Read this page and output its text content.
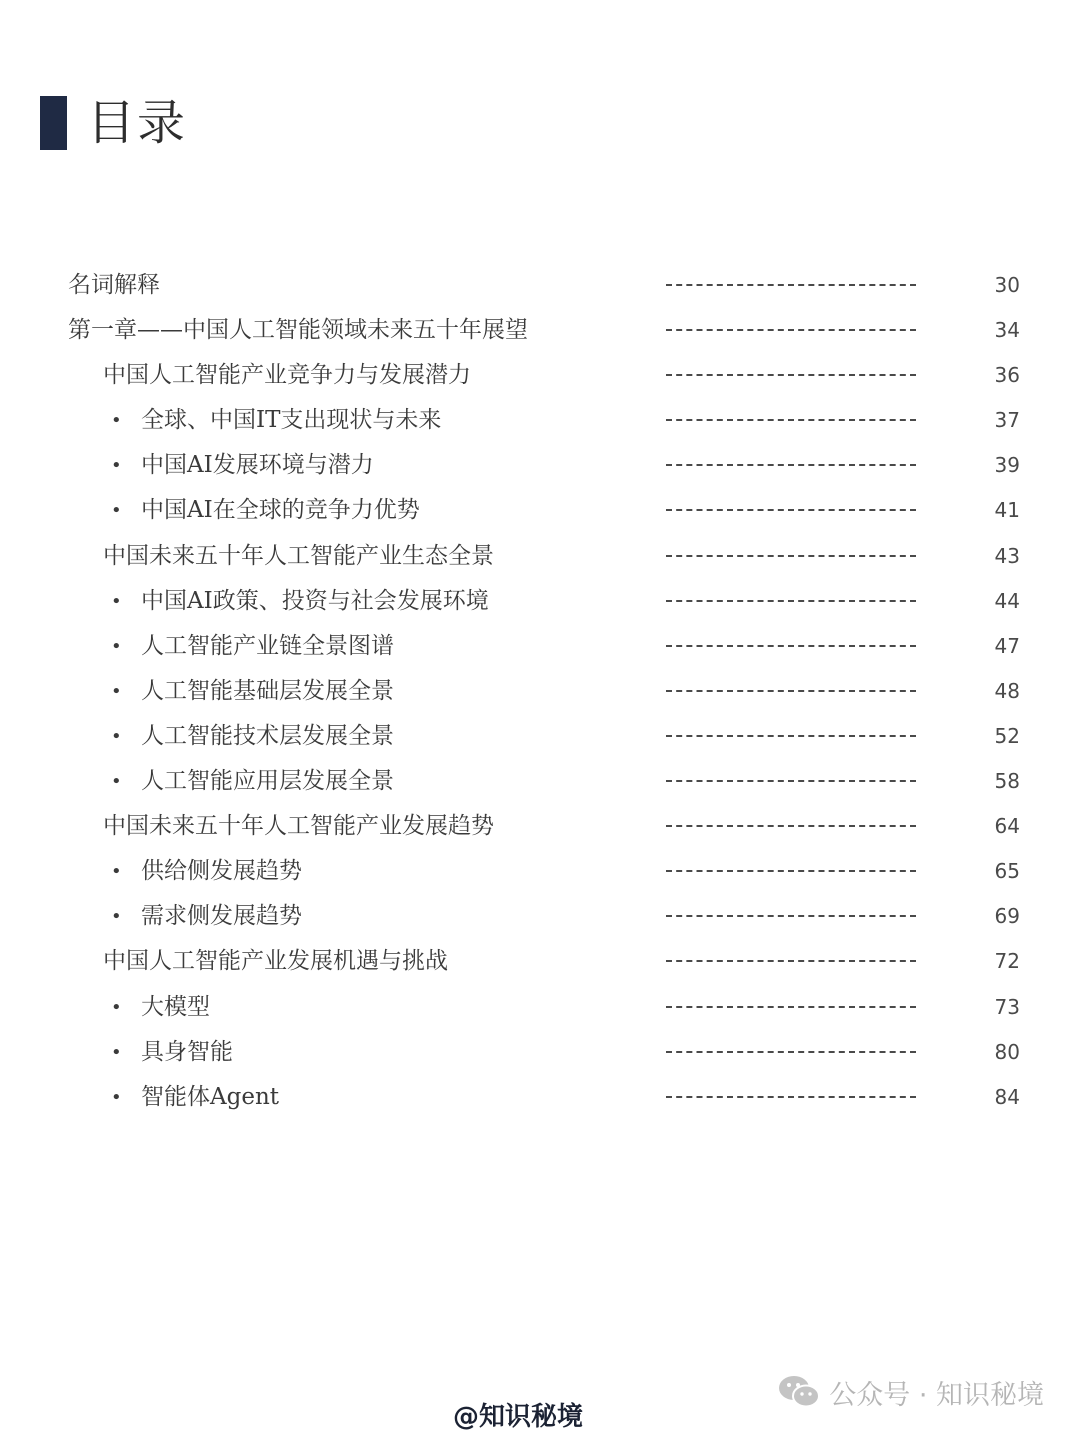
目录
名词解释	30
第一章——中国人工智能领域未来五十年展望	34
中国人工智能产业竞争力与发展潜力	36
• 全球、中国IT支出现状与未来	37
• 中国AI发展环境与潜力	39
• 中国AI在全球的竞争力优势	41
中国未来五十年人工智能产业生态全景	43
• 中国AI政策、投资与社会发展环境	44
• 人工智能产业链全景图谱	47
• 人工智能基础层发展全景	48
• 人工智能技术层发展全景	52
• 人工智能应用层发展全景	58
中国未来五十年人工智能产业发展趋势	64
• 供给侧发展趋势	65
• 需求侧发展趋势	69
中国人工智能产业发展机遇与挑战	72
• 大模型	73
• 具身智能	80
• 智能体Agent	84
公众号 · 知识秘境
@知识秘境
